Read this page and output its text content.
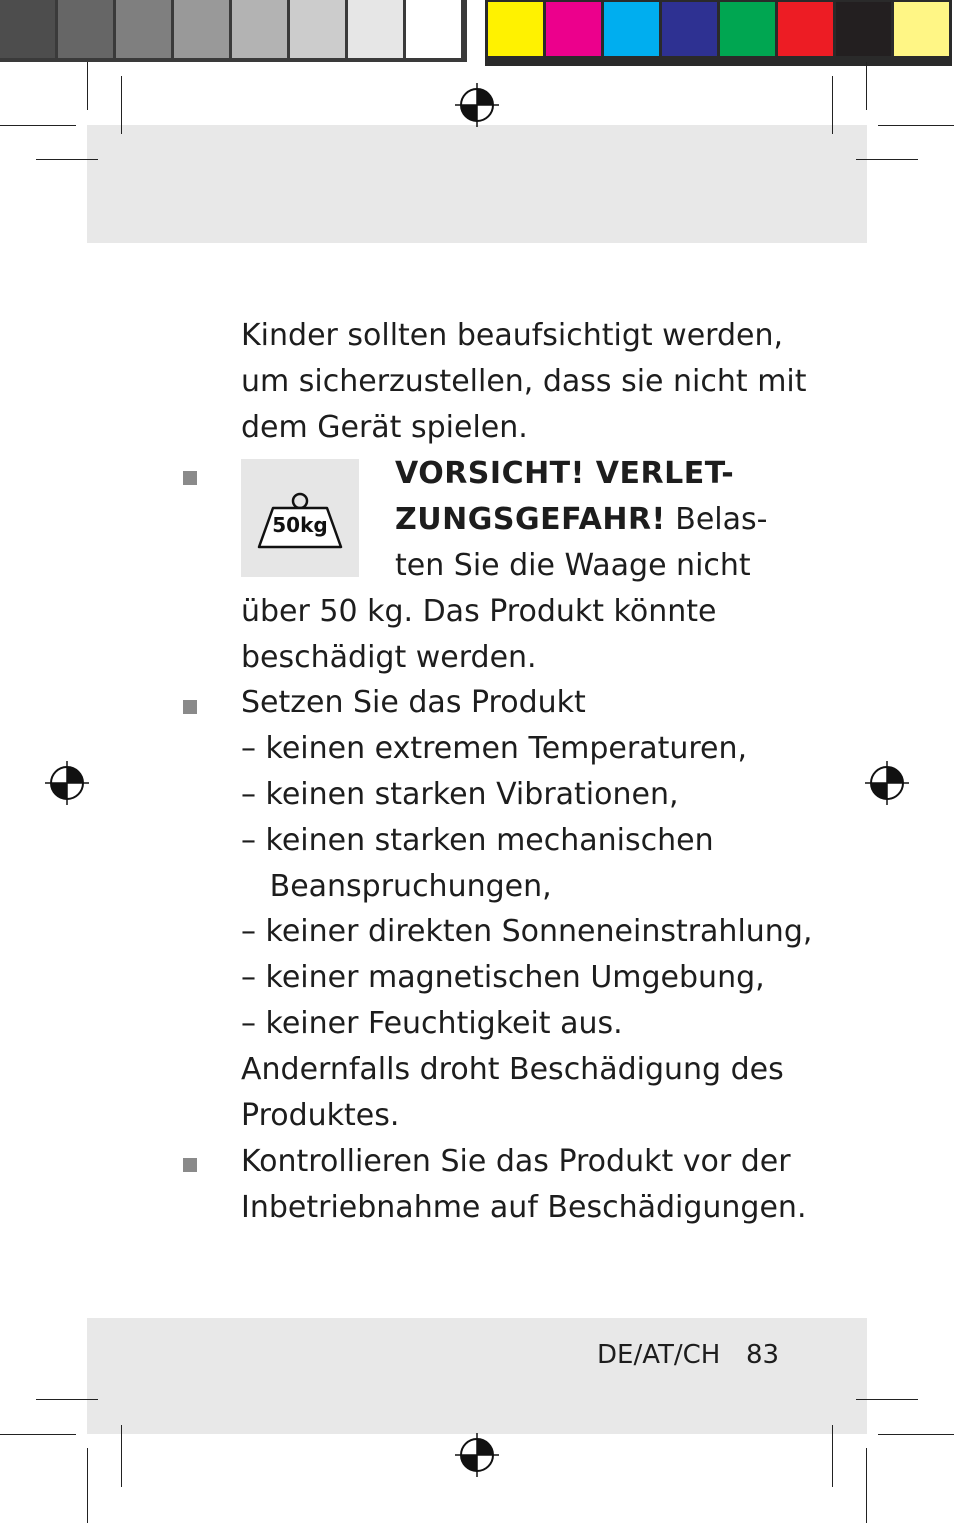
Kinder sollten beaufsichtigt werden,
um sicherzustellen, dass sie nicht mit
dem Gerät spielen.
50kg
VORSICHT! VERLET-
ZUNGSGEFAHR! Belas-
ten Sie die Waage nicht
über 50 kg. Das Produkt könnte
beschädigt werden.
Setzen Sie das Produkt
– keinen extremen Temperaturen,
– keinen starken Vibrationen,
– keinen starken mechanischen
Beanspruchungen,
– keiner direkten Sonneneinstrahlung,
– keiner magnetischen Umgebung,
– keiner Feuchtigkeit aus.
Andernfalls droht Beschädigung des
Produktes.
Kontrollieren Sie das Produkt vor der
Inbetriebnahme auf Beschädigungen.
DE/AT/CH 83
